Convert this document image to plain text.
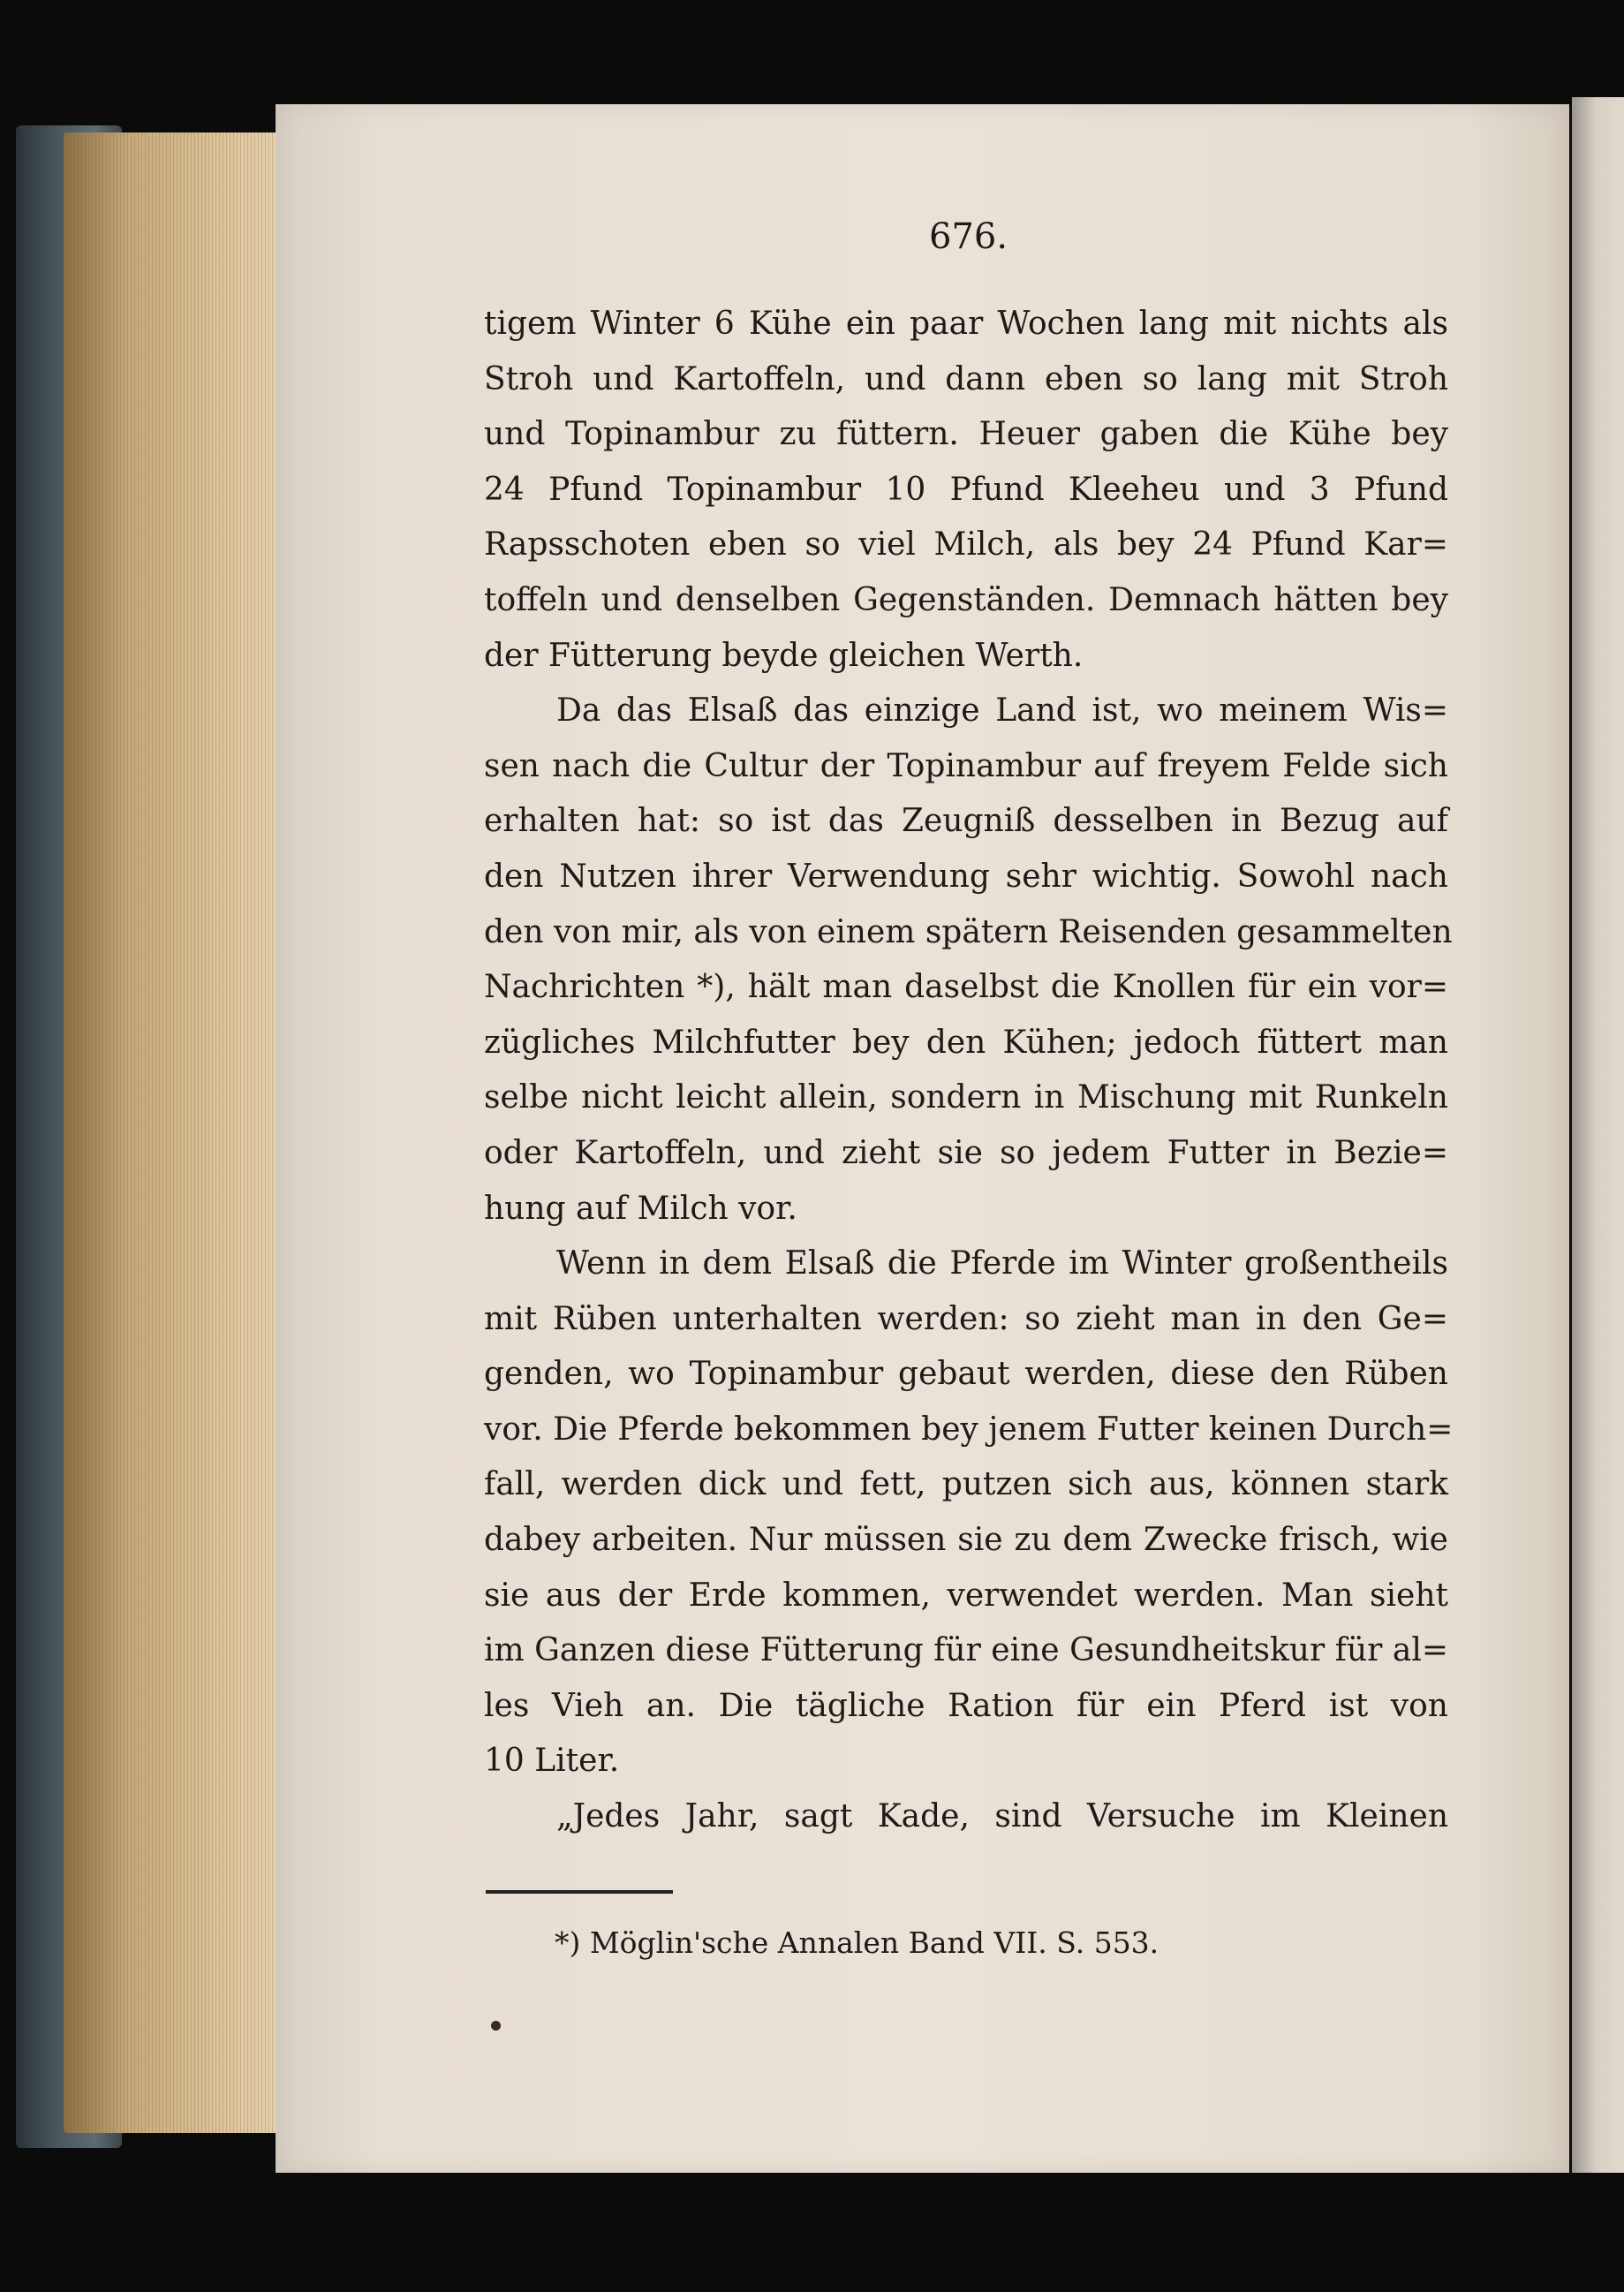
676.
tigem Winter 6 Kühe ein paar Wochen lang mit nichts als
Stroh und Kartoffeln, und dann eben so lang mit Stroh
und Topinambur zu füttern. Heuer gaben die Kühe bey
24 Pfund Topinambur 10 Pfund Kleeheu und 3 Pfund
Rapsschoten eben so viel Milch, als bey 24 Pfund Kar=
toffeln und denselben Gegenständen. Demnach hätten bey
der Fütterung beyde gleichen Werth.
Da das Elsaß das einzige Land ist, wo meinem Wis=
sen nach die Cultur der Topinambur auf freyem Felde sich
erhalten hat: so ist das Zeugniß desselben in Bezug auf
den Nutzen ihrer Verwendung sehr wichtig. Sowohl nach
den von mir, als von einem spätern Reisenden gesammelten
Nachrichten *), hält man daselbst die Knollen für ein vor=
zügliches Milchfutter bey den Kühen; jedoch füttert man
selbe nicht leicht allein, sondern in Mischung mit Runkeln
oder Kartoffeln, und zieht sie so jedem Futter in Bezie=
hung auf Milch vor.
Wenn in dem Elsaß die Pferde im Winter großentheils
mit Rüben unterhalten werden: so zieht man in den Ge=
genden, wo Topinambur gebaut werden, diese den Rüben
vor. Die Pferde bekommen bey jenem Futter keinen Durch=
fall, werden dick und fett, putzen sich aus, können stark
dabey arbeiten. Nur müssen sie zu dem Zwecke frisch, wie
sie aus der Erde kommen, verwendet werden. Man sieht
im Ganzen diese Fütterung für eine Gesundheitskur für al=
les Vieh an. Die tägliche Ration für ein Pferd ist von
10 Liter.
„Jedes Jahr, sagt Kade, sind Versuche im Kleinen
*) Möglin'sche Annalen Band VII. S. 553.
